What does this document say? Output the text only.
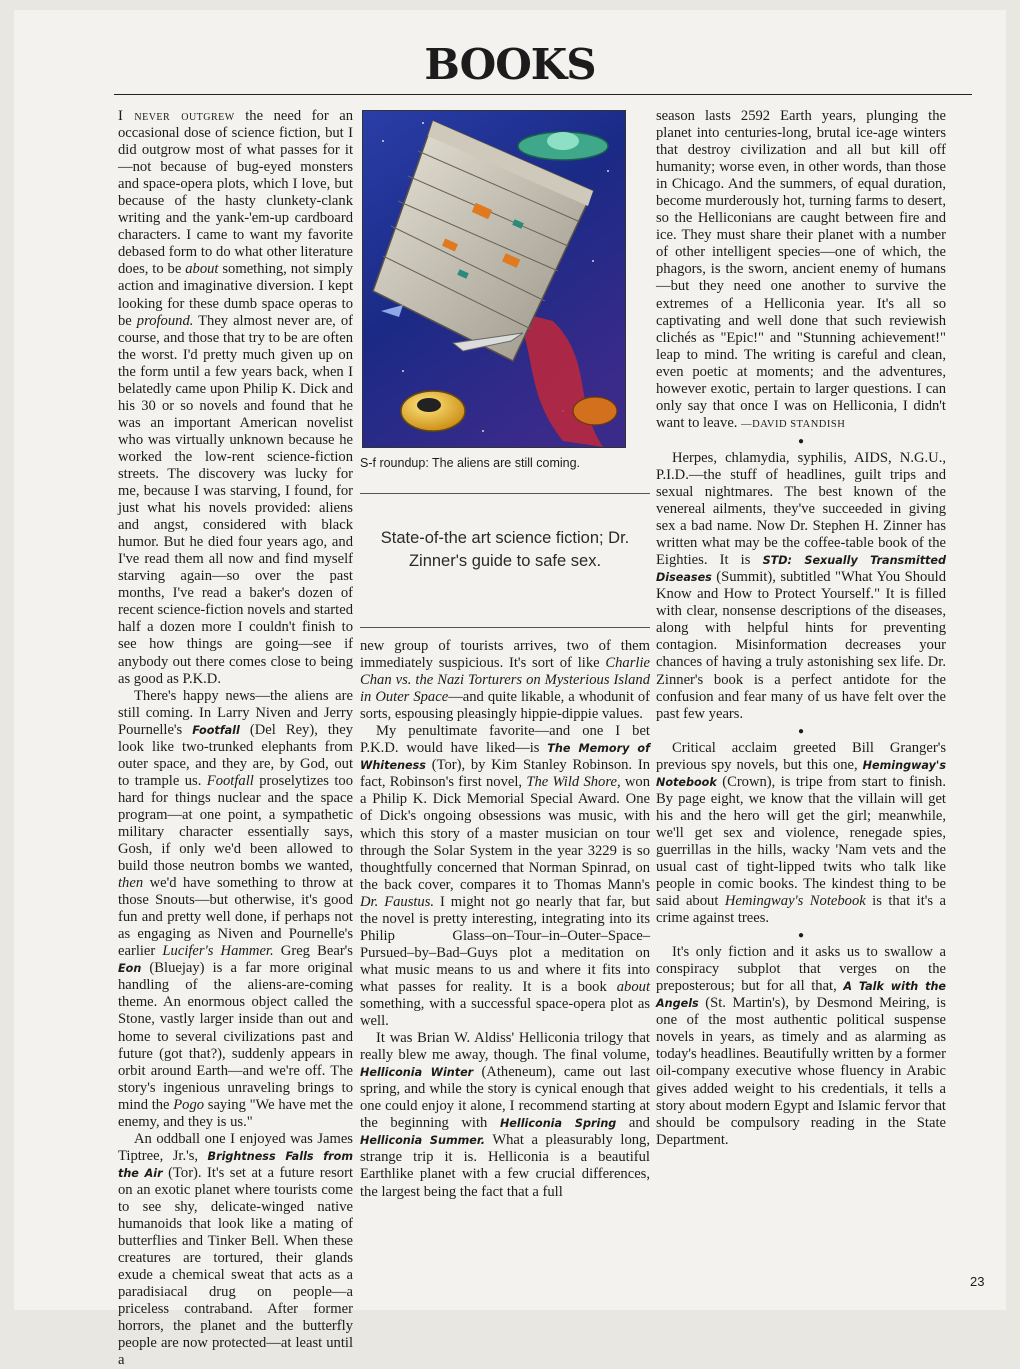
BOOKS

I never outgrew the need for an occasional dose of science fiction, but I did outgrow most of what passes for it—not because of bug-eyed monsters and space-opera plots, which I love, but because of the hasty clunkety-clank writing and the yank-'em-up cardboard characters. I came to want my favorite debased form to do what other literature does, to be about something, not simply action and imaginative diversion. I kept looking for these dumb space operas to be profound. They almost never are, of course, and those that try to be are often the worst. I'd pretty much given up on the form until a few years back, when I belatedly came upon Philip K. Dick and his 30 or so novels and found that he was an important American novelist who was virtually unknown because he worked the low-rent science-fiction streets. The discovery was lucky for me, because I was starving, I found, for just what his novels provided: aliens and angst, considered with black humor. But he died four years ago, and I've read them all now and find myself starving again—so over the past months, I've read a baker's dozen of recent science-fiction novels and started half a dozen more I couldn't finish to see how things are going—see if anybody out there comes close to being as good as P.K.D.

There's happy news—the aliens are still coming. In Larry Niven and Jerry Pournelle's Footfall (Del Rey), they look like two-trunked elephants from outer space, and they are, by God, out to trample us. Footfall proselytizes too hard for things nuclear and the space program—at one point, a sympathetic military character essentially says, Gosh, if only we'd been allowed to build those neutron bombs we wanted, then we'd have something to throw at those Snouts—but otherwise, it's good fun and pretty well done, if perhaps not as engaging as Niven and Pournelle's earlier Lucifer's Hammer. Greg Bear's Eon (Bluejay) is a far more original handling of the aliens-are-coming theme. An enormous object called the Stone, vastly larger inside than out and home to several civilizations past and future (got that?), suddenly appears in orbit around Earth—and we're off. The story's ingenious unraveling brings to mind the Pogo saying "We have met the enemy, and they is us."

An oddball one I enjoyed was James Tiptree, Jr.'s, Brightness Falls from the Air (Tor). It's set at a future resort on an exotic planet where tourists come to see shy, delicate-winged native humanoids that look like a mating of butterflies and Tinker Bell. When these creatures are tortured, their glands exude a chemical sweat that acts as a paradisiacal drug on people—a priceless contraband. After former horrors, the planet and the butterfly people are now protected—at least until a

S-f roundup: The aliens are still coming.

State-of-the art science fiction; Dr. Zinner's guide to safe sex.

new group of tourists arrives, two of them immediately suspicious. It's sort of like Charlie Chan vs. the Nazi Torturers on Mysterious Island in Outer Space—and quite likable, a whodunit of sorts, espousing pleasingly hippie-dippie values.

My penultimate favorite—and one I bet P.K.D. would have liked—is The Memory of Whiteness (Tor), by Kim Stanley Robinson. In fact, Robinson's first novel, The Wild Shore, won a Philip K. Dick Memorial Special Award. One of Dick's ongoing obsessions was music, with which this story of a master musician on tour through the Solar System in the year 3229 is so thoughtfully concerned that Norman Spinrad, on the back cover, compares it to Thomas Mann's Dr. Faustus. I might not go nearly that far, but the novel is pretty interesting, integrating into its Philip Glass–on–Tour–in–Outer–Space–Pursued–by–Bad–Guys plot a meditation on what music means to us and where it fits into what passes for reality. It is a book about something, with a successful space-opera plot as well.

It was Brian W. Aldiss' Helliconia trilogy that really blew me away, though. The final volume, Helliconia Winter (Atheneum), came out last spring, and while the story is cynical enough that one could enjoy it alone, I recommend starting at the beginning with Helliconia Spring and Helliconia Summer. What a pleasurably long, strange trip it is. Helliconia is a beautiful Earthlike planet with a few crucial differences, the largest being the fact that a full

season lasts 2592 Earth years, plunging the planet into centuries-long, brutal ice-age winters that destroy civilization and all but kill off humanity; worse even, in other words, than those in Chicago. And the summers, of equal duration, become murderously hot, turning farms to desert, so the Helliconians are caught between fire and ice. They must share their planet with a number of other intelligent species—one of which, the phagors, is the sworn, ancient enemy of humans—but they need one another to survive the extremes of a Helliconia year. It's all so captivating and well done that such reviewish clichés as "Epic!" and "Stunning achievement!" leap to mind. The writing is careful and clean, even poetic at moments; and the adventures, however exotic, pertain to larger questions. I can only say that once I was on Helliconia, I didn't want to leave. —DAVID STANDISH

●

Herpes, chlamydia, syphilis, AIDS, N.G.U., P.I.D.—the stuff of headlines, guilt trips and sexual nightmares. The best known of the venereal ailments, they've succeeded in giving sex a bad name. Now Dr. Stephen H. Zinner has written what may be the coffee-table book of the Eighties. It is STD: Sexually Transmitted Diseases (Summit), subtitled "What You Should Know and How to Protect Yourself." It is filled with clear, nonsense descriptions of the diseases, along with helpful hints for preventing contagion. Misinformation decreases your chances of having a truly astonishing sex life. Dr. Zinner's book is a perfect antidote for the confusion and fear many of us have felt over the past few years.

●

Critical acclaim greeted Bill Granger's previous spy novels, but this one, Hemingway's Notebook (Crown), is tripe from start to finish. By page eight, we know that the villain will get his and the hero will get the girl; meanwhile, we'll get sex and violence, renegade spies, guerrillas in the hills, wacky 'Nam vets and the usual cast of tight-lipped twits who talk like people in comic books. The kindest thing to be said about Hemingway's Notebook is that it's a crime against trees.

●

It's only fiction and it asks us to swallow a conspiracy subplot that verges on the preposterous; but for all that, A Talk with the Angels (St. Martin's), by Desmond Meiring, is one of the most authentic political suspense novels in years, as timely and as alarming as today's headlines. Beautifully written by a former oil-company executive whose fluency in Arabic gives added weight to his credentials, it tells a story about modern Egypt and Islamic fervor that should be compulsory reading in the State Department.

23
